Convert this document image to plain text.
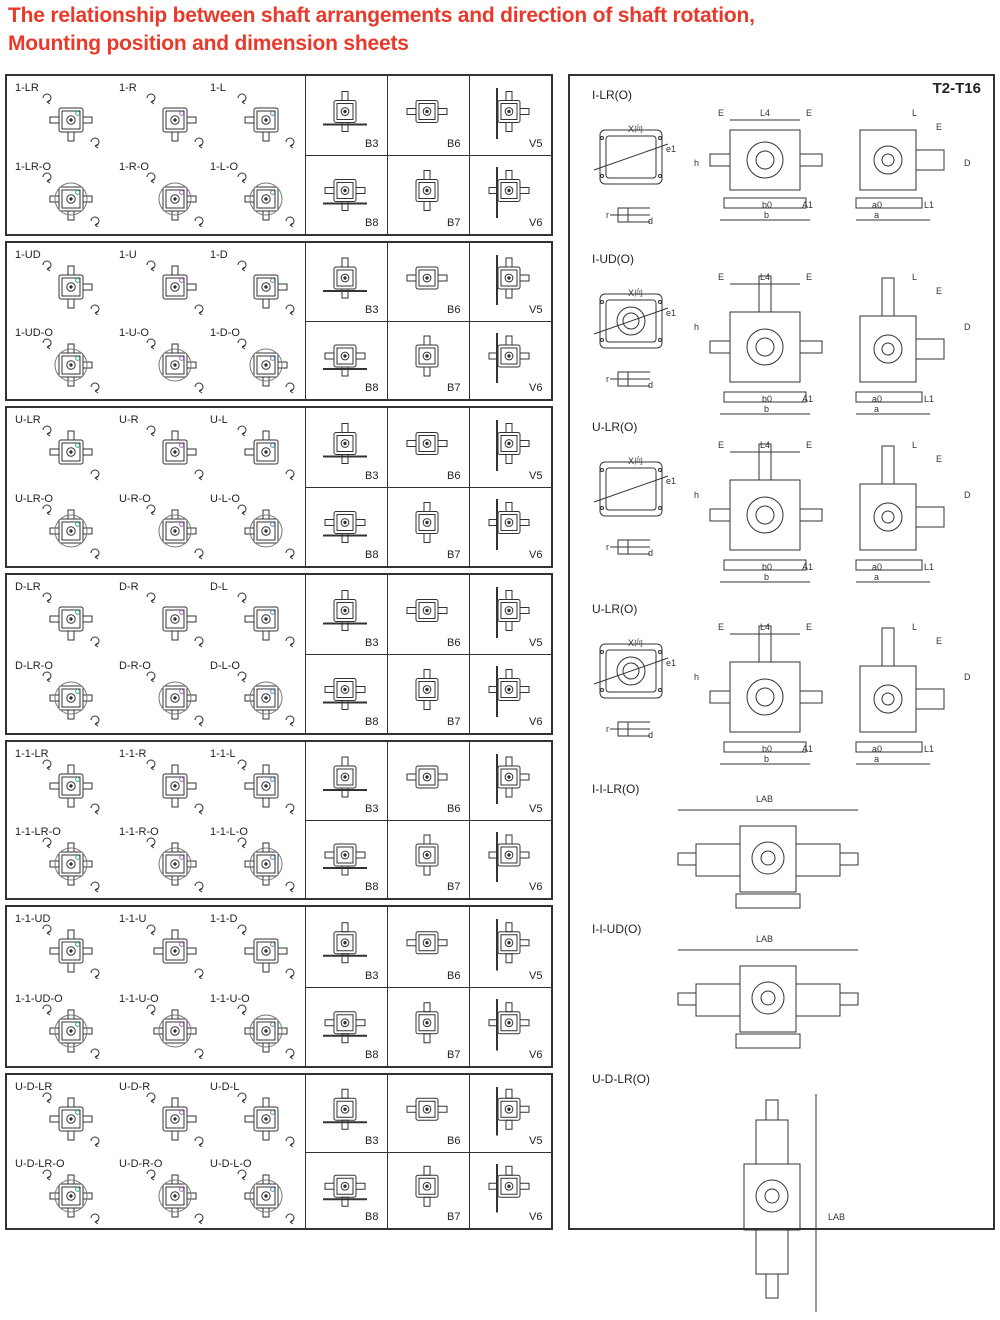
The relationship between shaft arrangements and direction of shaft rotation,
Mounting position and dimension sheets
1-LR	1-R	1-L
1-LR-O	1-R-O	1-L-O
B3	B6	V5
B8	B7	V6
1-UD	1-U	1-D
1-UD-O	1-U-O	1-D-O
B3	B6	V5
B8	B7	V6
U-LR	U-R	U-L
U-LR-O	U-R-O	U-L-O
B3	B6	V5
B8	B7	V6
D-LR	D-R	D-L
D-LR-O	D-R-O	D-L-O
B3	B6	V5
B8	B7	V6
1-1-LR	1-1-R	1-1-L
1-1-LR-O	1-1-R-O	1-1-L-O
B3	B6	V5
B8	B7	V6
1-1-UD	1-1-U	1-1-D
1-1-UD-O	1-1-U-O	1-1-U-O
B3	B6	V5
B8	B7	V6
U-D-LR	U-D-R	U-D-L
U-D-LR-O	U-D-R-O	U-D-L-O
B3	B6	V5
B8	B7	V6
T2-T16
I-LR(O)
I-UD(O)
U-LR(O)
U-LR(O)
I-I-LR(O)
I-I-UD(O)
U-D-LR(O)
X向
e1
r
d
E	L4	E
b0
b
A1
h
L
E
D
a0
a
L1
X向
e1
r
d
E	L4	E
b0
b
A1
h
L
E
D
a0
a
L1
X向
e1
r
d
E	L4	E
b0
b
A1
h
L
E
D
a0
a
L1
X向
e1
r
d
E	L4	E
b0
b
A1
h
L
E
D
a0
a
L1
LAB
LAB
LAB
